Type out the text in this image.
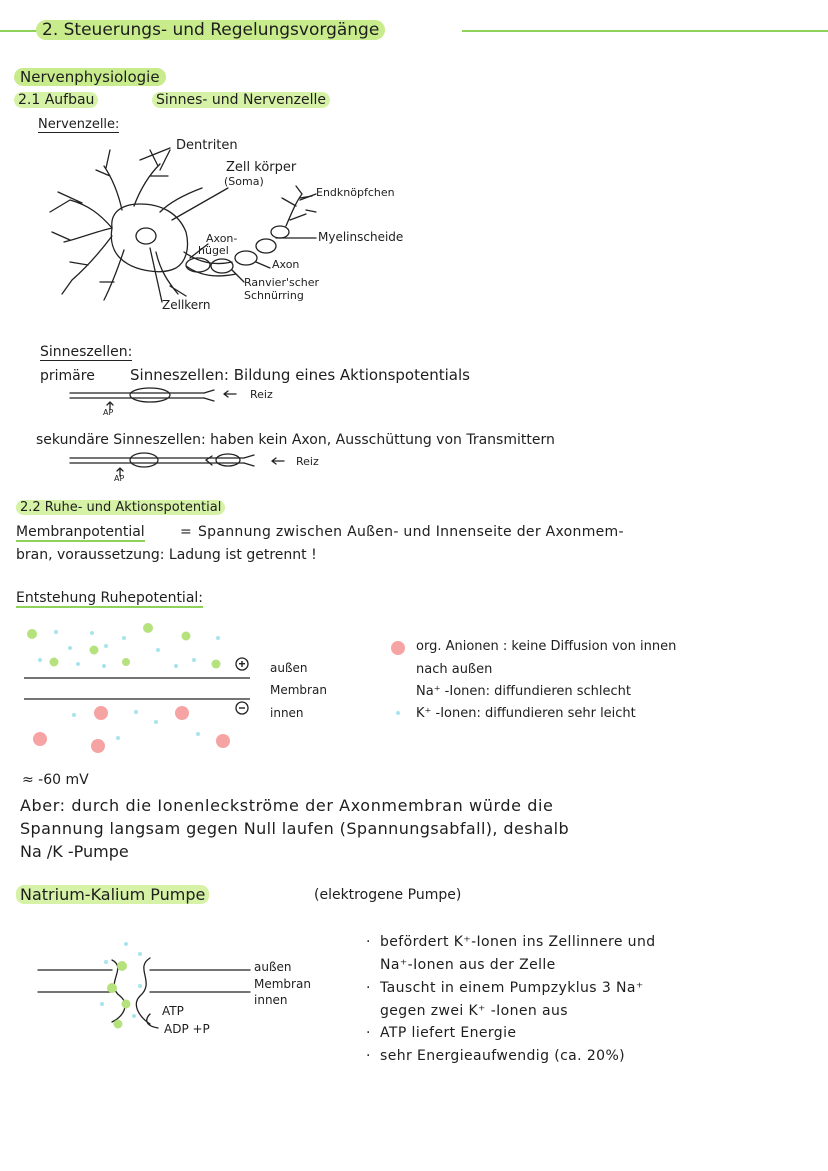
2. Steuerungs- und Regelungsvorgänge
Nervenphysiologie
2.1 Aufbau	Sinnes- und Nervenzelle
Nervenzelle:
Dentriten
Zell körper
(Soma)
Endknöpfchen
Axon-
hügel
Myelinscheide
Axon
Ranvier'scher
Schnürring
Zellkern
Sinneszellen:
primäre Sinneszellen: Bildung eines Aktionspotentials
Reiz
AP
sekundäre Sinneszellen: haben kein Axon, Ausschüttung von Transmittern
Reiz
AP
2.2 Ruhe- und Aktionspotential
Membranpotential	= Spannung zwischen Außen- und Innenseite der Axonmem-
bran, voraussetzung: Ladung ist getrennt !
Entstehung Ruhepotential:
außen
Membran
innen
org. Anionen : keine Diffusion von innen
nach außen
Na⁺ -Ionen: diffundieren schlecht
K⁺ -Ionen: diffundieren sehr leicht
≈ -60 mV
Aber: durch die Ionenleckströme der Axonmembran würde die
Spannung langsam gegen Null laufen (Spannungsabfall), deshalb
Na /K -Pumpe
Natrium-Kalium Pumpe	(elektrogene Pumpe)
außen
Membran
innen
ATP
ADP +P
· befördert K⁺-Ionen ins Zellinnere und
Na⁺-Ionen aus der Zelle
· Tauscht in einem Pumpzyklus 3 Na⁺
gegen zwei K⁺ -Ionen aus
· ATP liefert Energie
· sehr Energieaufwendig (ca. 20%)
